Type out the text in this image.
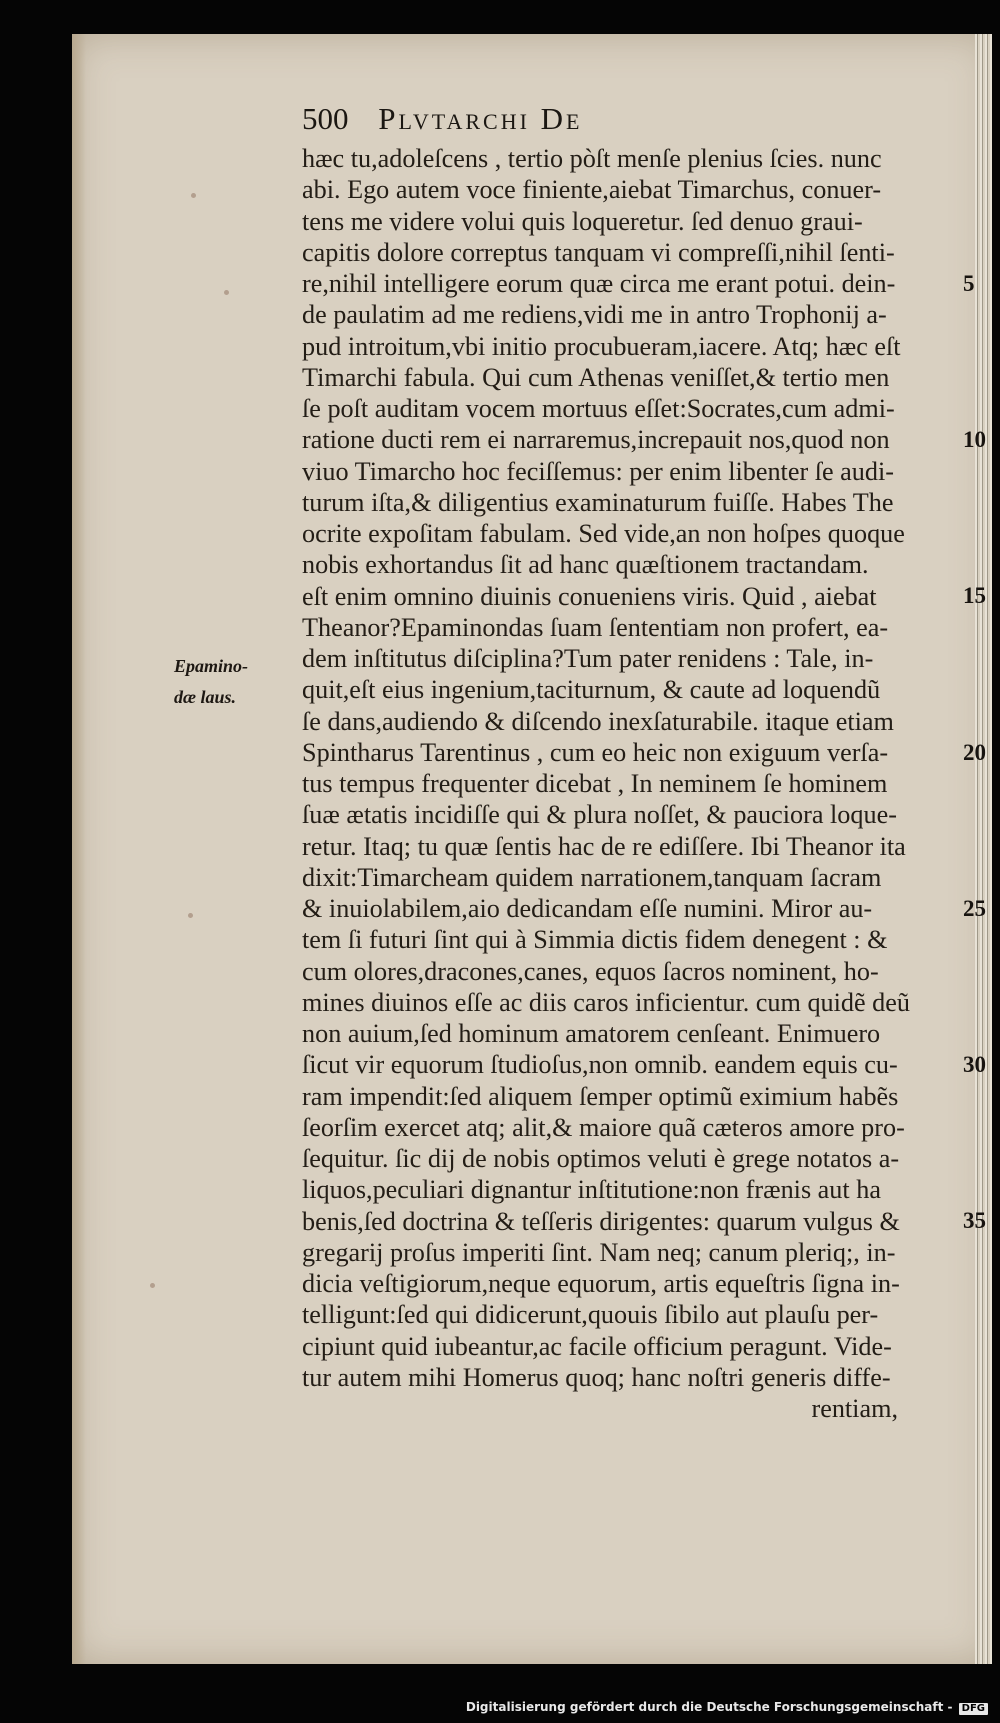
500 Plvtarchi De
Epamino-
dæ laus.
hæc tu,adoleſcens , tertio pòſt menſe plenius ſcies. nunc
abi. Ego autem voce finiente,aiebat Timarchus, conuer-
tens me videre volui quis loqueretur. ſed denuo graui-
capitis dolore correptus tanquam vi compreſſi,nihil ſenti-
re,nihil intelligere eorum quæ circa me erant potui. dein-
de paulatim ad me rediens,vidi me in antro Trophonij a-
pud introitum,vbi initio procubueram,iacere. Atq; hæc eſt
Timarchi fabula. Qui cum Athenas veniſſet,& tertio men
ſe poſt auditam vocem mortuus eſſet:Socrates,cum admi-
ratione ducti rem ei narraremus,increpauit nos,quod non
viuo Timarcho hoc feciſſemus: per enim libenter ſe audi-
turum iſta,& diligentius examinaturum fuiſſe. Habes The
ocrite expoſitam fabulam. Sed vide,an non hoſpes quoque
nobis exhortandus ſit ad hanc quæſtionem tractandam.
eſt enim omnino diuinis conueniens viris. Quid , aiebat
Theanor?Epaminondas ſuam ſententiam non profert, ea-
dem inſtitutus diſciplina?Tum pater renidens : Tale, in-
quit,eſt eius ingenium,taciturnum, & caute ad loquendũ
ſe dans,audiendo & diſcendo inexſaturabile. itaque etiam
Spintharus Tarentinus , cum eo heic non exiguum verſa-
tus tempus frequenter dicebat , In neminem ſe hominem
ſuæ ætatis incidiſſe qui & plura noſſet, & pauciora loque-
retur. Itaq; tu quæ ſentis hac de re ediſſere. Ibi Theanor ita
dixit:Timarcheam quidem narrationem,tanquam ſacram
& inuiolabilem,aio dedicandam eſſe numini. Miror au-
tem ſi futuri ſint qui à Simmia dictis fidem denegent : &
cum olores,dracones,canes, equos ſacros nominent, ho-
mines diuinos eſſe ac diis caros inficientur. cum quidẽ deũ
non auium,ſed hominum amatorem cenſeant. Enimuero
ſicut vir equorum ſtudioſus,non omnib. eandem equis cu-
ram impendit:ſed aliquem ſemper optimũ eximium habẽs
ſeorſim exercet atq; alit,& maiore quã cæteros amore pro-
ſequitur. ſic dij de nobis optimos veluti è grege notatos a-
liquos,peculiari dignantur inſtitutione:non frænis aut ha
benis,ſed doctrina & teſſeris dirigentes: quarum vulgus &
gregarij proſus imperiti ſint. Nam neq; canum pleriq;, in-
dicia veſtigiorum,neque equorum, artis equeſtris ſigna in-
telligunt:ſed qui didicerunt,quouis ſibilo aut plauſu per-
cipiunt quid iubeantur,ac facile officium peragunt. Vide-
tur autem mihi Homerus quoq; hanc noſtri generis diffe-
rentiam,
5
10
15
20
25
30
35
Digitalisierung gefördert durch die Deutsche Forschungsgemeinschaft - DFG
